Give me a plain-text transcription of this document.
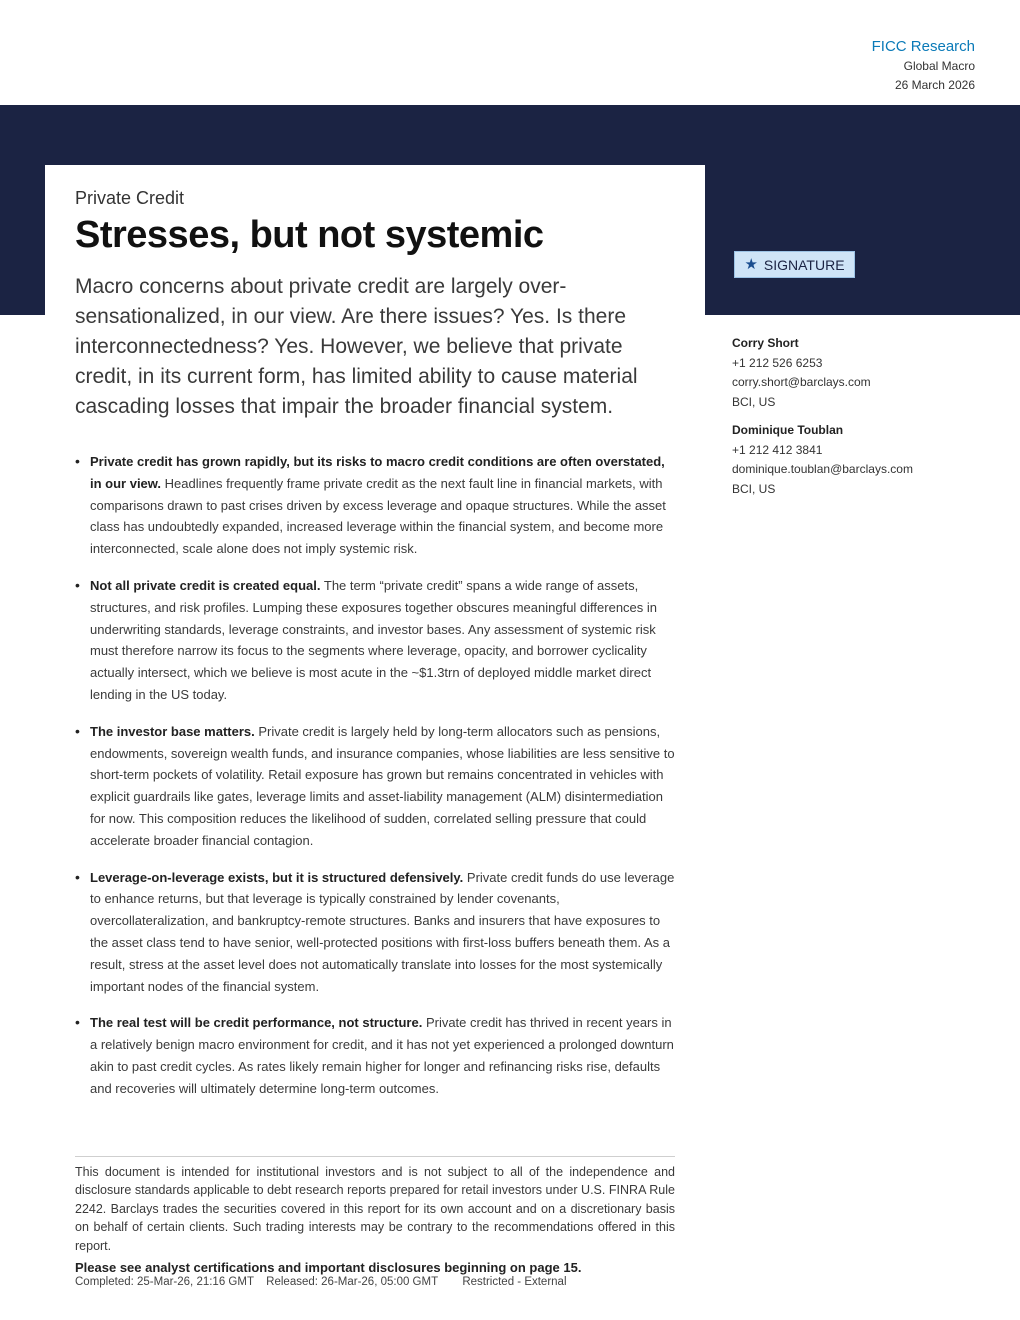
FICC Research
Global Macro
26 March 2026
Private Credit
Stresses, but not systemic

Macro concerns about private credit are largely over-sensationalized, in our view. Are there issues? Yes. Is there interconnectedness? Yes. However, we believe that private credit, in its current form, has limited ability to cause material cascading losses that impair the broader financial system.

★ SIGNATURE
Corry Short
+1 212 526 6253
corry.short@barclays.com
BCI, US
Dominique Toublan
+1 212 412 3841
dominique.toublan@barclays.com
BCI, US
• Private credit has grown rapidly, but its risks to macro credit conditions are often overstated, in our view. Headlines frequently frame private credit as the next fault line in financial markets, with comparisons drawn to past crises driven by excess leverage and opaque structures. While the asset class has undoubtedly expanded, increased leverage within the financial system, and become more interconnected, scale alone does not imply systemic risk.
• Not all private credit is created equal. The term “private credit” spans a wide range of assets, structures, and risk profiles. Lumping these exposures together obscures meaningful differences in underwriting standards, leverage constraints, and investor bases. Any assessment of systemic risk must therefore narrow its focus to the segments where leverage, opacity, and borrower cyclicality actually intersect, which we believe is most acute in the ~$1.3trn of deployed middle market direct lending in the US today.
• The investor base matters. Private credit is largely held by long-term allocators such as pensions, endowments, sovereign wealth funds, and insurance companies, whose liabilities are less sensitive to short-term pockets of volatility. Retail exposure has grown but remains concentrated in vehicles with explicit guardrails like gates, leverage limits and asset-liability management (ALM) disintermediation for now. This composition reduces the likelihood of sudden, correlated selling pressure that could accelerate broader financial contagion.
• Leverage-on-leverage exists, but it is structured defensively. Private credit funds do use leverage to enhance returns, but that leverage is typically constrained by lender covenants, overcollateralization, and bankruptcy-remote structures. Banks and insurers that have exposures to the asset class tend to have senior, well-protected positions with first-loss buffers beneath them. As a result, stress at the asset level does not automatically translate into losses for the most systemically important nodes of the financial system.
• The real test will be credit performance, not structure. Private credit has thrived in recent years in a relatively benign macro environment for credit, and it has not yet experienced a prolonged downturn akin to past credit cycles. As rates likely remain higher for longer and refinancing risks rise, defaults and recoveries will ultimately determine long-term outcomes.

This document is intended for institutional investors and is not subject to all of the independence and disclosure standards applicable to debt research reports prepared for retail investors under U.S. FINRA Rule 2242. Barclays trades the securities covered in this report for its own account and on a discretionary basis on behalf of certain clients. Such trading interests may be contrary to the recommendations offered in this report.

Please see analyst certifications and important disclosures beginning on page 15.

Completed: 25-Mar-26, 21:16 GMT Released: 26-Mar-26, 05:00 GMT Restricted - External
